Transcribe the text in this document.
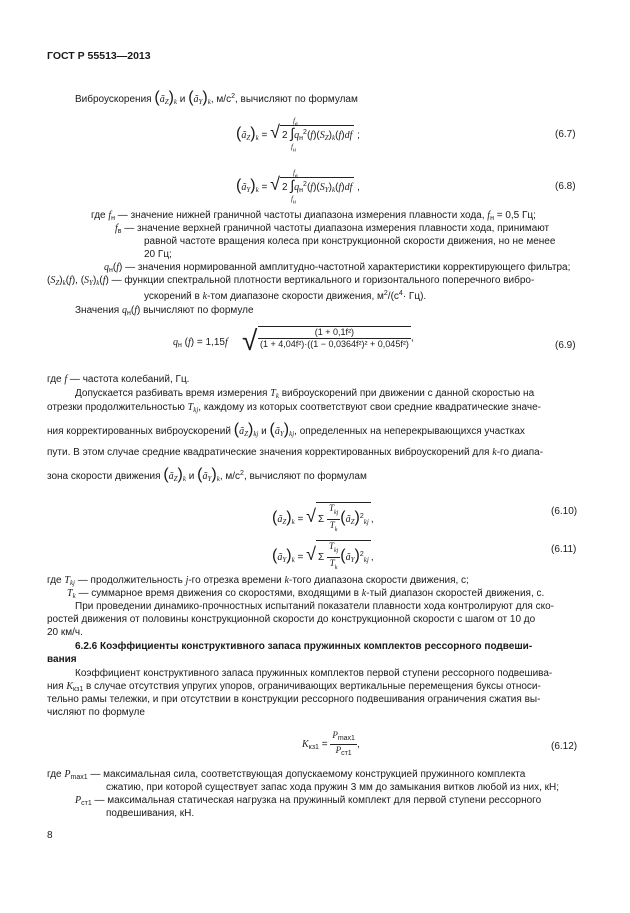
ГОСТ Р 55513—2013
Виброускорения $(ã_Z)_k$ и $(ã_Y)_k$, $м/с^2$, вычисляют по формулам
$(ã_Z)_k$ = √ 2 $\int q_н^2(f)(S_Z)_k(f)df$ ;
$f_в$
$f_н$
(6.7)
$(ã_Y)_k$ = √ 2 $\int q_н^2(f)(S_Y)_k(f)df$ ,
$f_в$
$f_н$
(6.8)
где $f_н$ — значение нижней граничной частоты диапазона измерения плавности хода, $f_н = 0,5$ Гц;
$f_в$ — значение верхней граничной частоты диапазона измерения плавности хода, принимают
равной частоте вращения колеса при конструкционной скорости движения, но не менее
20 Гц;
$q_н(f)$ — значения нормированной амплитудно-частотной характеристики корректирующего фильтра;
$(S_Z)_k(f)$, $(S_Y)_k(f)$ — функции спектральной плотности вертикального и горизонтального поперечного вибро-
ускорений в k-том диапазоне скорости движения, $м^2/(с^4\cdot Гц)$.
Значения $q_н(f)$ вычисляют по формуле
$q_н$ (f) = 1,15f √ $\frac{\text{(1 + 0,1f²)}}{\text{(1 + 4,04f²)·((1 − 0,0364f²)² + 0,045f²)}}$ ,
(6.9)
где f — частота колебаний, Гц.
Допускается разбивать время измерения $T_k$ виброускорений при движении с данной скоростью на
отрезки продолжительностью $T_{kj}$, каждому из которых соответствуют свои средние квадратические значе-
ния корректированных виброускорений $(ã_Z)_{kj}$ и $(ã_Y)_{kj}$, определенных на неперекрывающихся участках
пути. В этом случае средние квадратические значения корректированных виброускорений для k-го диапа-
зона скорости движения $(ã_Z)_k$ и $(ã_Y)_k$, $м/с^2$, вычисляют по формулам
$(ã_Z)_k$ = √ Σ $\frac{T_{kj}}{T_k}$ $(ã_Z)^2_{kj}$ ,
(6.10)
$(ã_Y)_k$ = √ Σ $\frac{T_{kj}}{T_k}$ $(ã_Y)^2_{kj}$ ,
(6.11)
где $T_{kj}$ — продолжительность j-го отрезка времени k-того диапазона скорости движения, с;
$T_k$ — суммарное время движения со скоростями, входящими в k-тый диапазон скоростей движения, с.
При проведении динамико-прочностных испытаний показатели плавности хода контролируют для ско-
ростей движения от половины конструкционной скорости до конструкционной скорости с шагом от 10 до
20 км/ч.
6.2.6 Коэффициенты конструктивного запаса пружинных комплектов рессорного подвеши-
вания
Коэффициент конструктивного запаса пружинных комплектов первой ступени рессорного подвешива-
ния $K_{кз1}$ в случае отсутствия упругих упоров, ограничивающих вертикальные перемещения буксы относи-
тельно рамы тележки, и при отсутствии в конструкции рессорного подвешивания ограничения сжатия вы-
числяют по формуле
$K_{кз1} = \frac{P_{max1}}{P_{ст1}}$ ,	(6.12)
где $P_{max1}$ — максимальная сила, соответствующая допускаемому конструкцией пружинного комплекта
сжатию, при которой существует запас хода пружин 3 мм до замыкания витков любой из них, кН;
$P_{ст1}$ — максимальная статическая нагрузка на пружинный комплект для первой ступени рессорного
подвешивания, кН.
8
